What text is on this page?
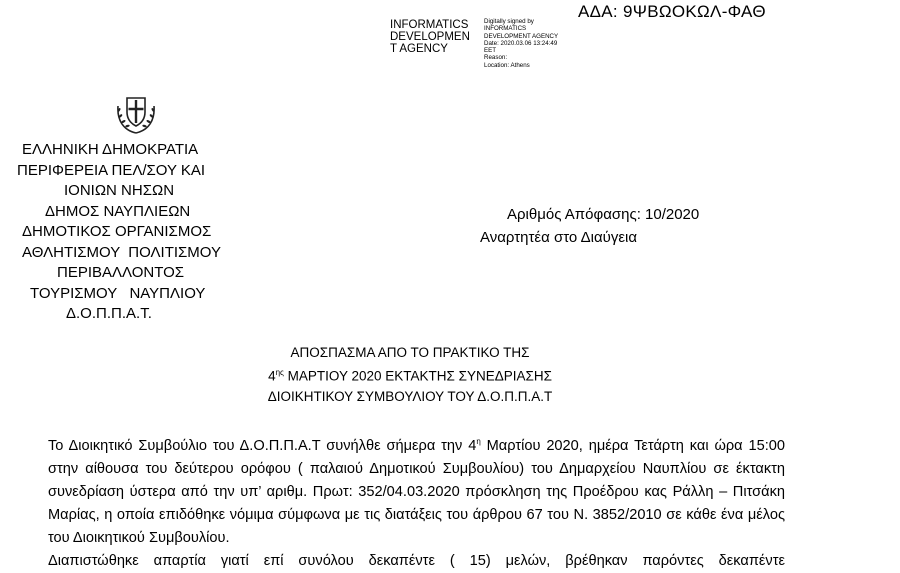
ΑΔΑ: 9ΨΒΩΟΚΩΛ-ΦΑΘ
INFORMATICS
DEVELOPMEN
T AGENCY
Digitally signed by
INFORMATICS
DEVELOPMENT AGENCY
Date: 2020.03.06 13:24:49
EET
Reason:
Location: Athens
ΕΛΛΗΝΙΚΗ ΔΗΜΟΚΡΑΤΙΑ
ΠΕΡΙΦΕΡΕΙΑ ΠΕΛ/ΣΟΥ ΚΑΙ
ΙΟΝΙΩΝ ΝΗΣΩΝ
ΔΗΜΟΣ ΝΑΥΠΛΙΕΩΝ
ΔΗΜΟΤΙΚΟΣ ΟΡΓΑΝΙΣΜΟΣ
ΑΘΛΗΤΙΣΜΟΥ  ΠΟΛΙΤΙΣΜΟΥ
ΠΕΡΙΒΑΛΛΟΝΤΟΣ
ΤΟΥΡΙΣΜΟΥ   ΝΑΥΠΛΙΟΥ
Δ.Ο.Π.Π.Α.Τ.
Αριθμός Απόφασης: 10/2020
Αναρτητέα στο Διαύγεια
ΑΠΟΣΠΑΣΜΑ ΑΠΟ ΤΟ ΠΡΑΚΤΙΚΟ ΤΗΣ
$4^{\eta\varsigma}$ ΜΑΡΤΙΟΥ 2020 ΕΚΤΑΚΤΗΣ ΣΥΝΕΔΡΙΑΣΗΣ
ΔΙΟΙΚΗΤΙΚΟΥ ΣΥΜΒΟΥΛΙΟΥ ΤΟΥ Δ.Ο.Π.Π.Α.Τ

Το Διοικητικό Συμβούλιο του Δ.Ο.Π.Π.Α.Τ συνήλθε σήμερα την $4^\eta$ Μαρτίου 2020, ημέρα Τετάρτη και ώρα 15:00 στην αίθουσα του δεύτερου ορόφου ( παλαιού Δημοτικού Συμβουλίου) του Δημαρχείου Ναυπλίου σε έκτακτη συνεδρίαση ύστερα από την υπ’ αριθμ. Πρωτ: 352/04.03.2020 πρόσκληση της Προέδρου κας Ράλλη – Πιτσάκη Μαρίας, η οποία επιδόθηκε νόμιμα σύμφωνα με τις διατάξεις του άρθρου 67 του Ν. 3852/2010 σε κάθε ένα μέλος του Διοικητικού Συμβουλίου.

Διαπιστώθηκε απαρτία γιατί επί συνόλου δεκαπέντε ( 15) μελών, βρέθηκαν παρόντες δεκαπέντε
